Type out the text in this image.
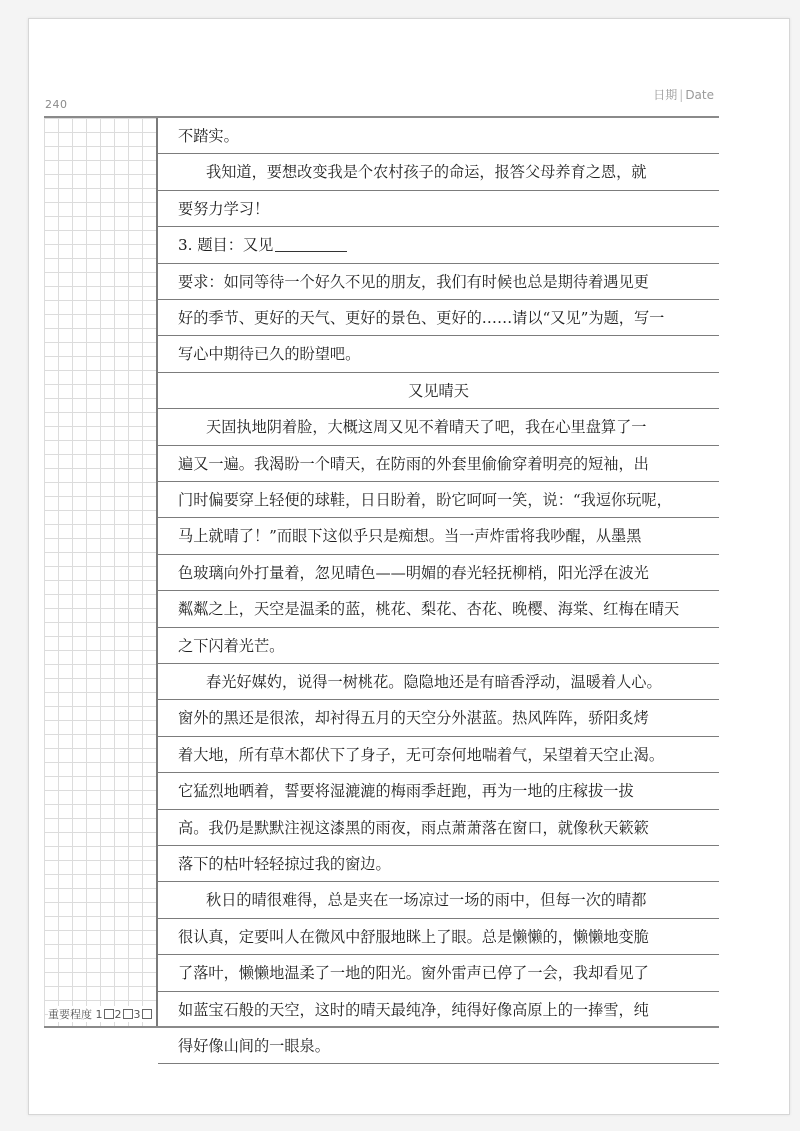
240
日期 | Date
不踏实。
我知道，要想改变我是个农村孩子的命运，报答父母养育之恩，就
要努力学习！
3. 题目：又见
要求：如同等待一个好久不见的朋友，我们有时候也总是期待着遇见更
好的季节、更好的天气、更好的景色、更好的……请以“又见”为题，写一
写心中期待已久的盼望吧。
又见晴天
天固执地阴着脸，大概这周又见不着晴天了吧，我在心里盘算了一
遍又一遍。我渴盼一个晴天，在防雨的外套里偷偷穿着明亮的短袖，出
门时偏要穿上轻便的球鞋，日日盼着，盼它呵呵一笑，说：“我逗你玩呢，
马上就晴了！”而眼下这似乎只是痴想。当一声炸雷将我吵醒，从墨黑
色玻璃向外打量着，忽见晴色——明媚的春光轻抚柳梢，阳光浮在波光
粼粼之上，天空是温柔的蓝，桃花、梨花、杏花、晚樱、海棠、红梅在晴天
之下闪着光芒。
春光好媒妁，说得一树桃花。隐隐地还是有暗香浮动，温暖着人心。
窗外的黑还是很浓，却衬得五月的天空分外湛蓝。热风阵阵，骄阳炙烤
着大地，所有草木都伏下了身子，无可奈何地喘着气，呆望着天空止渴。
它猛烈地晒着，誓要将湿漉漉的梅雨季赶跑，再为一地的庄稼拔一拔
高。我仍是默默注视这漆黑的雨夜，雨点萧萧落在窗口，就像秋天簌簌
落下的枯叶轻轻掠过我的窗边。
秋日的晴很难得，总是夹在一场凉过一场的雨中，但每一次的晴都
很认真，定要叫人在微风中舒服地眯上了眼。总是懒懒的，懒懒地变脆
了落叶，懒懒地温柔了一地的阳光。窗外雷声已停了一会，我却看见了
如蓝宝石般的天空，这时的晴天最纯净，纯得好像高原上的一捧雪，纯
得好像山间的一眼泉。
重要程度 1 2 3
